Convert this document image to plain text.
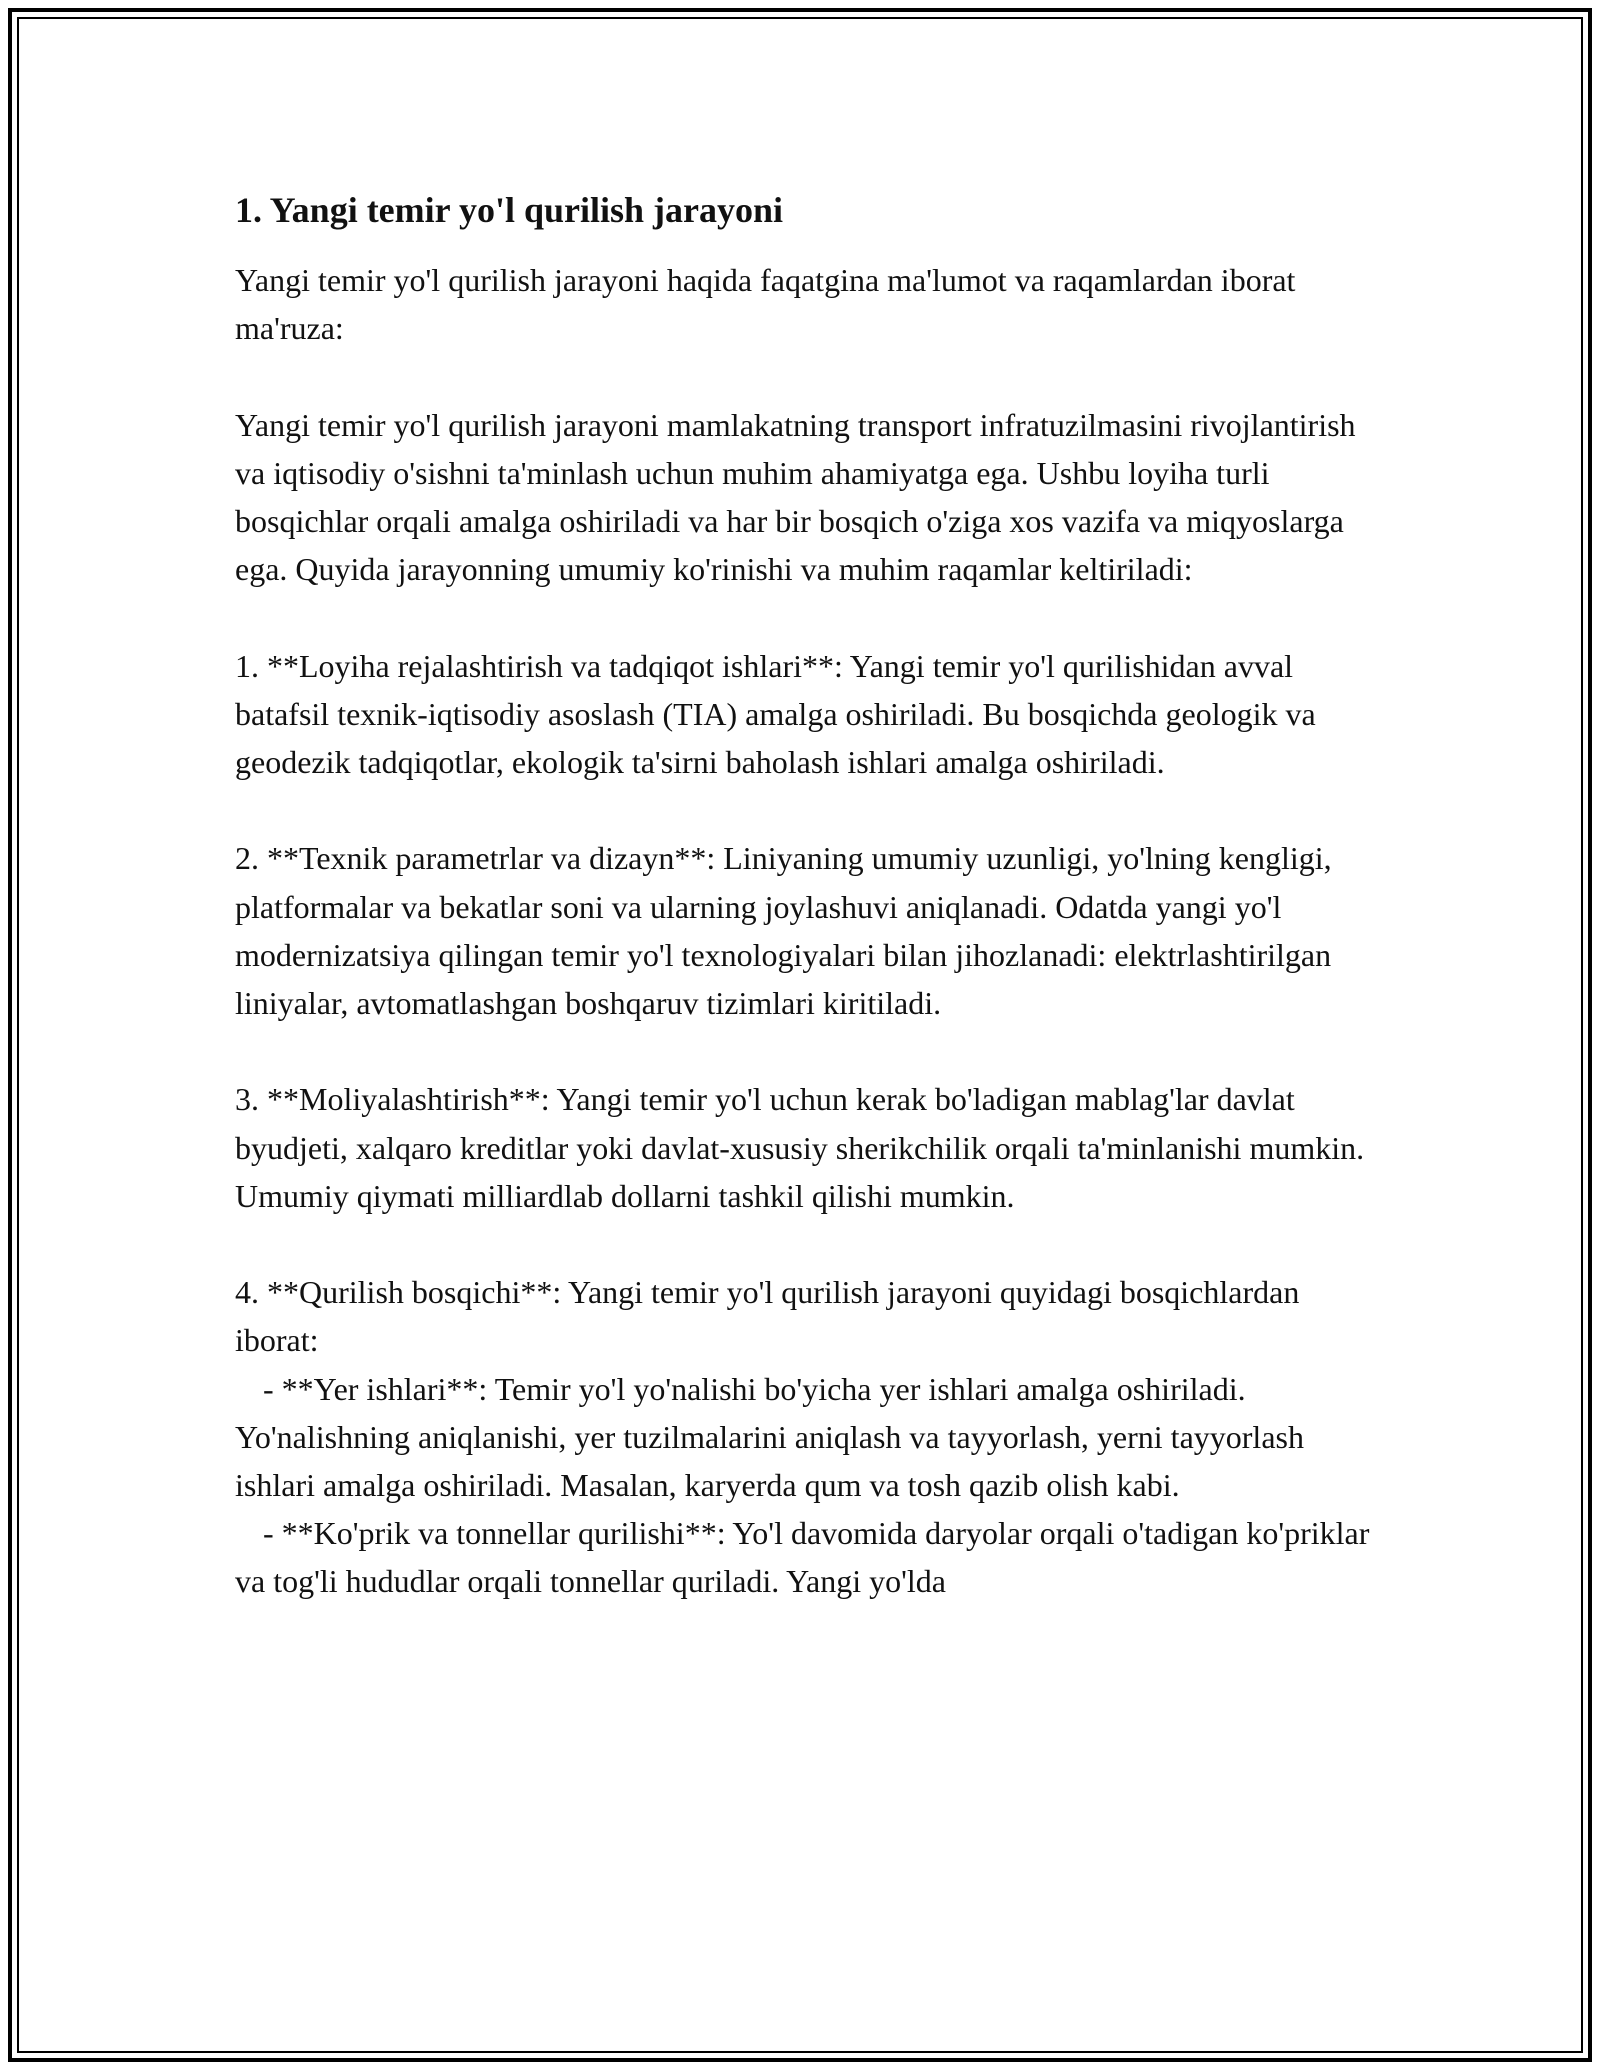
1. Yangi temir yo'l qurilish jarayoni

Yangi temir yo'l qurilish jarayoni haqida faqatgina ma'lumot va raqamlardan iborat ma'ruza:

Yangi temir yo'l qurilish jarayoni mamlakatning transport infratuzilmasini rivojlantirish va iqtisodiy o'sishni ta'minlash uchun muhim ahamiyatga ega. Ushbu loyiha turli bosqichlar orqali amalga oshiriladi va har bir bosqich o'ziga xos vazifa va miqyoslarga ega. Quyida jarayonning umumiy ko'rinishi va muhim raqamlar keltiriladi:

1. **Loyiha rejalashtirish va tadqiqot ishlari**: Yangi temir yo'l qurilishidan avval batafsil texnik-iqtisodiy asoslash (TIA) amalga oshiriladi. Bu bosqichda geologik va geodezik tadqiqotlar, ekologik ta'sirni baholash ishlari amalga oshiriladi.

2. **Texnik parametrlar va dizayn**: Liniyaning umumiy uzunligi, yo'lning kengligi, platformalar va bekatlar soni va ularning joylashuvi aniqlanadi. Odatda yangi yo'l modernizatsiya qilingan temir yo'l texnologiyalari bilan jihozlanadi: elektrlashtirilgan liniyalar, avtomatlashgan boshqaruv tizimlari kiritiladi.

3. **Moliyalashtirish**: Yangi temir yo'l uchun kerak bo'ladigan mablag'lar davlat byudjeti, xalqaro kreditlar yoki davlat-xususiy sherikchilik orqali ta'minlanishi mumkin. Umumiy qiymati milliardlab dollarni tashkil qilishi mumkin.

4. **Qurilish bosqichi**: Yangi temir yo'l qurilish jarayoni quyidagi bosqichlardan iborat:

- **Yer ishlari**: Temir yo'l yo'nalishi bo'yicha yer ishlari amalga oshiriladi. Yo'nalishning aniqlanishi, yer tuzilmalarini aniqlash va tayyorlash, yerni tayyorlash ishlari amalga oshiriladi. Masalan, karyerda qum va tosh qazib olish kabi.

- **Ko'prik va tonnellar qurilishi**: Yo'l davomida daryolar orqali o'tadigan ko'priklar va tog'li hududlar orqali tonnellar quriladi. Yangi yo'lda
